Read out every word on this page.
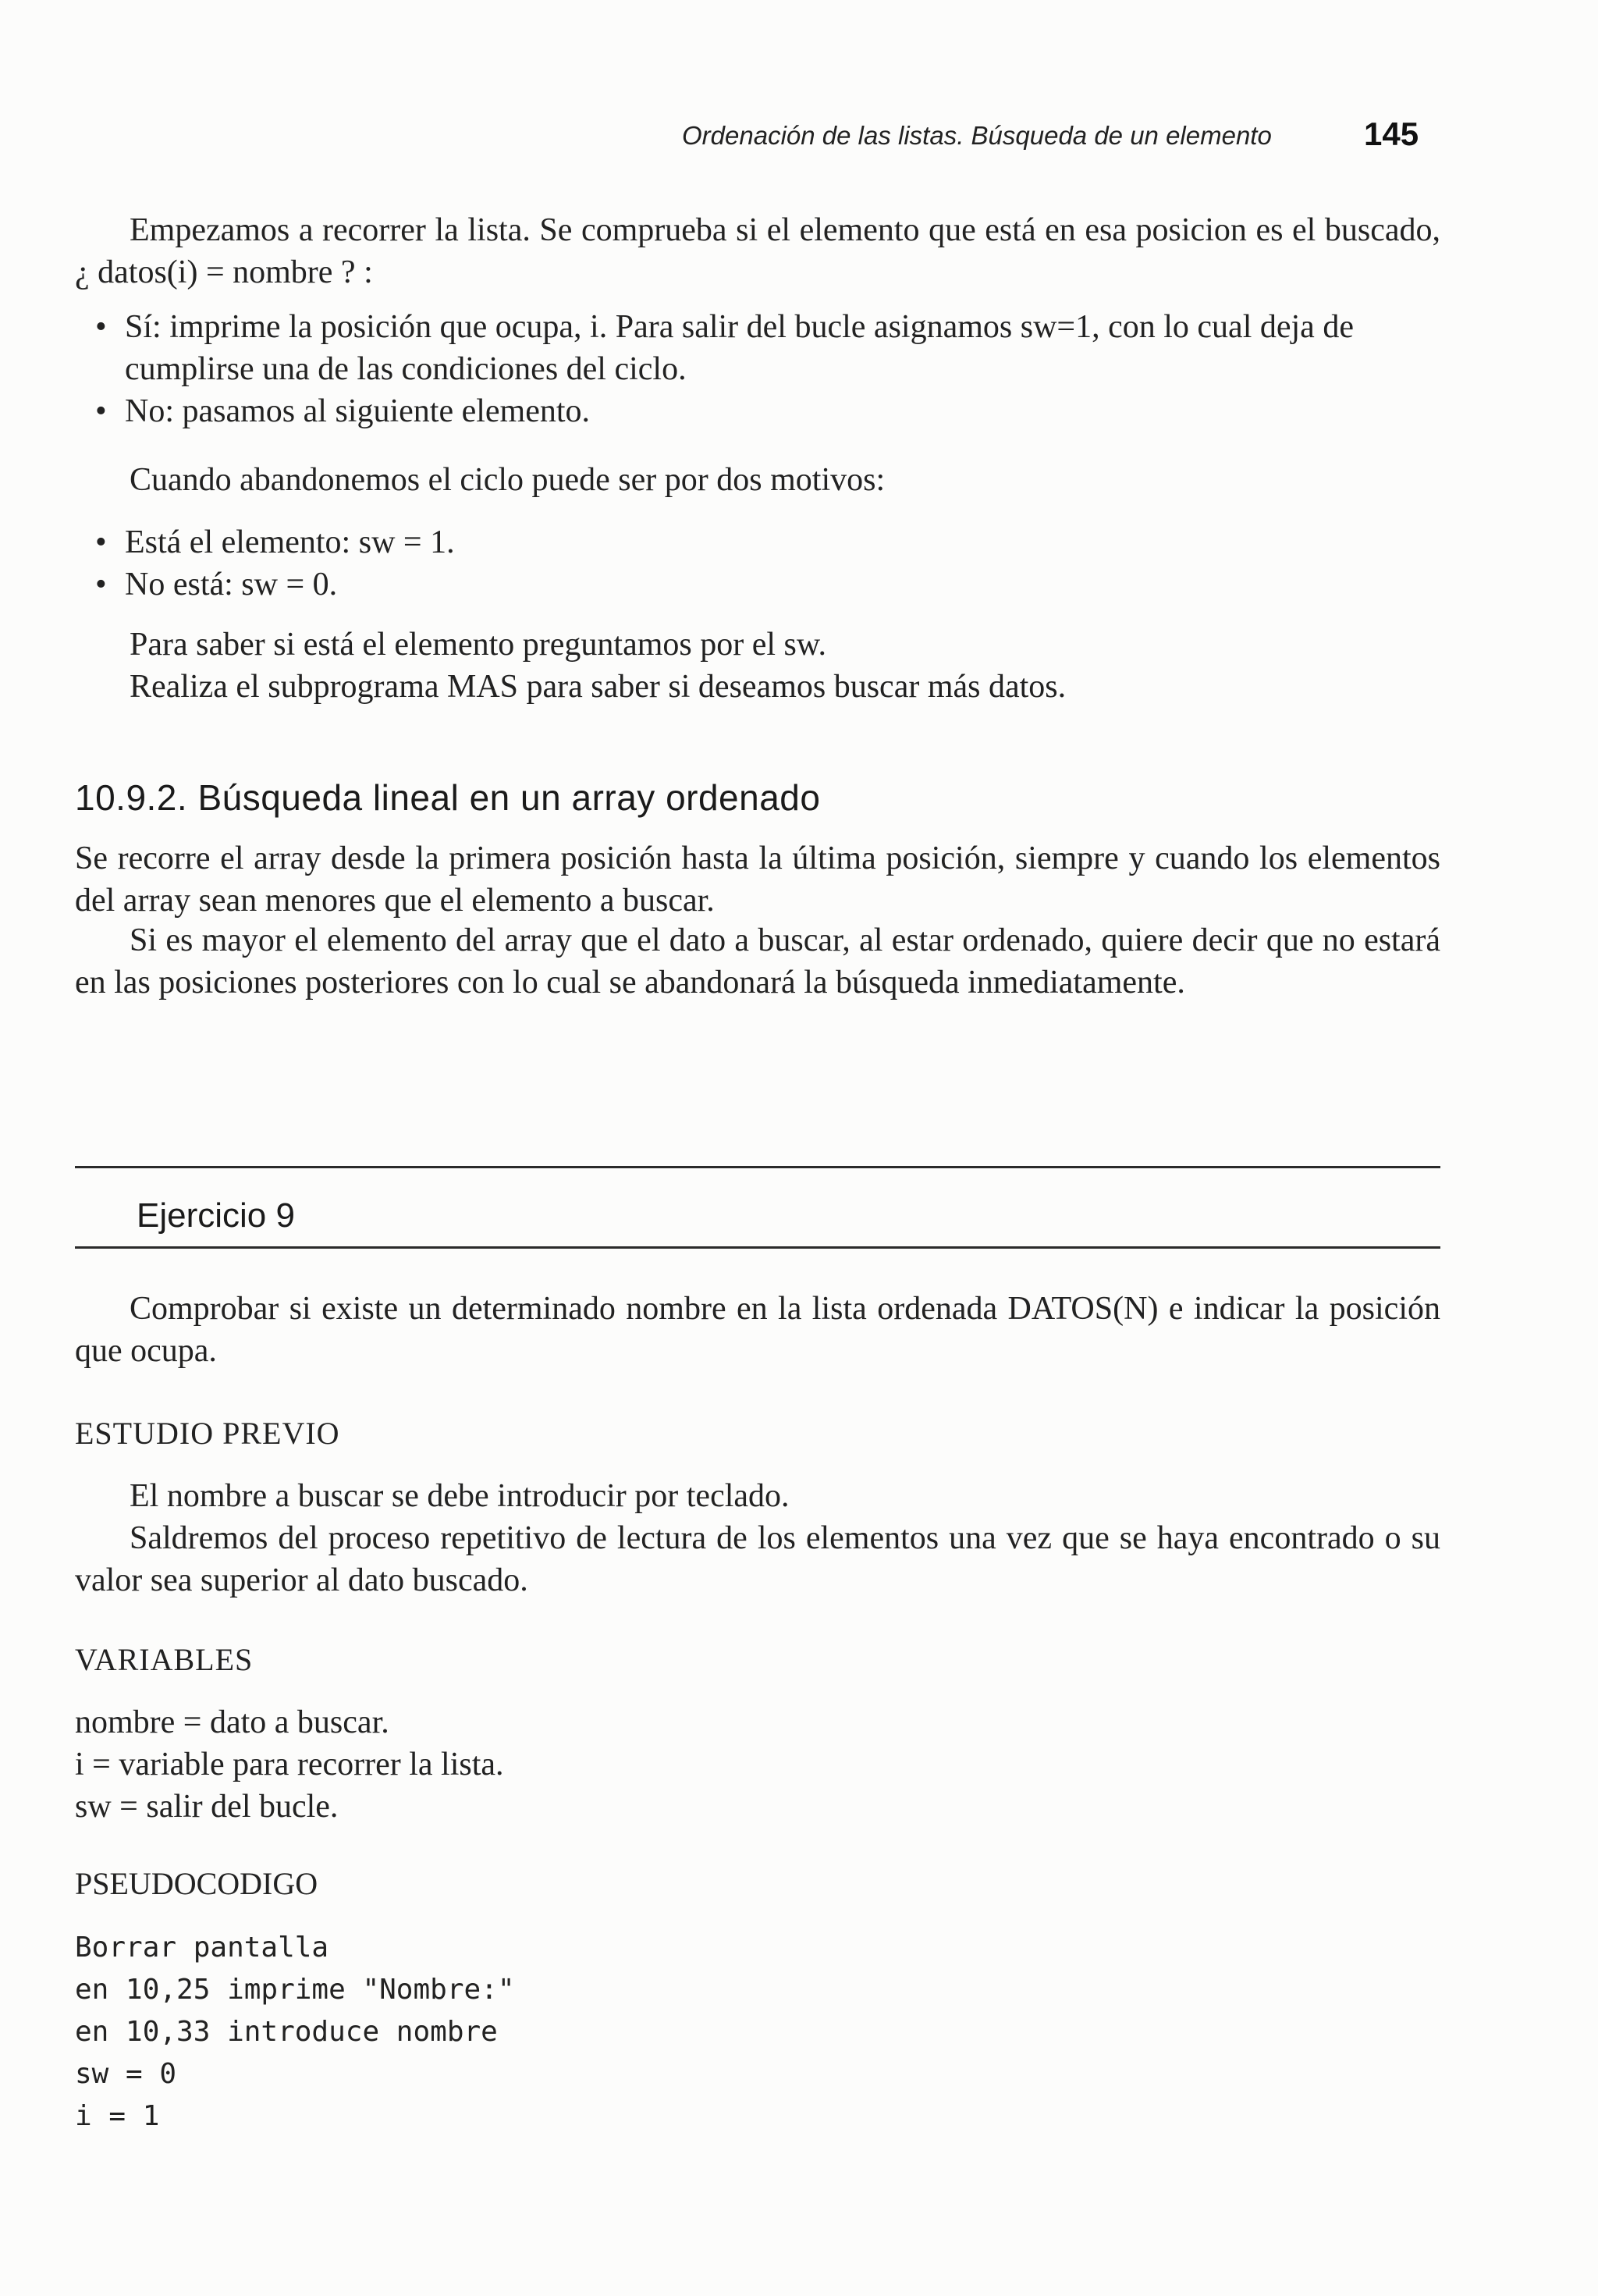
Ordenación de las listas. Búsqueda de un elemento	145
Empezamos a recorrer la lista. Se comprueba si el elemento que está en esa posicion es el buscado, ¿ datos(i) = nombre ? :
• Sí: imprime la posición que ocupa, i. Para salir del bucle asignamos sw=1, con lo cual deja de cumplirse una de las condiciones del ciclo.
• No: pasamos al siguiente elemento.
Cuando abandonemos el ciclo puede ser por dos motivos:
• Está el elemento: sw = 1.
• No está: sw = 0.
Para saber si está el elemento preguntamos por el sw.
Realiza el subprograma MAS para saber si deseamos buscar más datos.
10.9.2. Búsqueda lineal en un array ordenado
Se recorre el array desde la primera posición hasta la última posición, siempre y cuando los elementos del array sean menores que el elemento a buscar.
Si es mayor el elemento del array que el dato a buscar, al estar ordenado, quiere decir que no estará en las posiciones posteriores con lo cual se abandonará la búsqueda inmediatamente.
Ejercicio 9
Comprobar si existe un determinado nombre en la lista ordenada DATOS(N) e indicar la posición que ocupa.
ESTUDIO PREVIO
El nombre a buscar se debe introducir por teclado.
Saldremos del proceso repetitivo de lectura de los elementos una vez que se haya encontrado o su valor sea superior al dato buscado.
VARIABLES
nombre = dato a buscar.
i = variable para recorrer la lista.
sw = salir del bucle.
PSEUDOCODIGO
Borrar pantalla
en 10,25 imprime "Nombre:"
en 10,33 introduce nombre
sw = 0
i = 1
